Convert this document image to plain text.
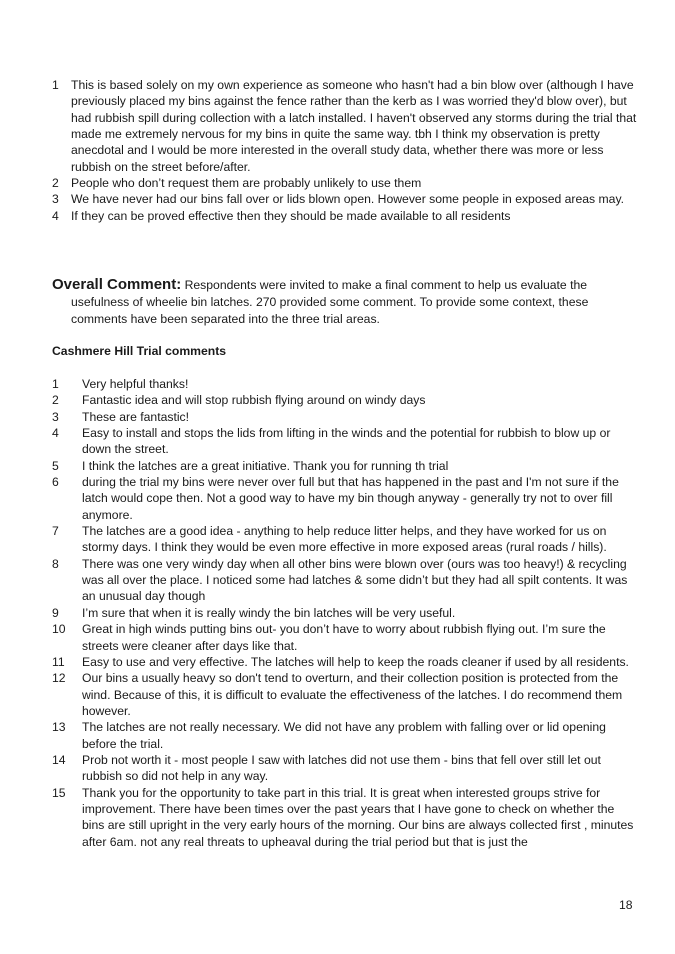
1 This is based solely on my own experience as someone who hasn't had a bin blow over (although I have previously placed my bins against the fence rather than the kerb as I was worried they'd blow over), but had rubbish spill during collection with a latch installed. I haven't observed any storms during the trial that made me extremely nervous for my bins in quite the same way. tbh I think my observation is pretty anecdotal and I would be more interested in the overall study data, whether there was more or less rubbish on the street before/after.
2 People who don’t request them are probably unlikely to use them
3 We have never had our bins fall over or lids blown open. However some people in exposed areas may.
4 If they can be proved effective then they should be made available to all residents
Overall Comment: Respondents were invited to make a final comment to help us evaluate the
usefulness of wheelie bin latches. 270 provided some comment. To provide some context, these comments have been separated into the three trial areas.
Cashmere Hill Trial comments
1 Very helpful thanks!
2 Fantastic idea and will stop rubbish flying around on windy days
3 These are fantastic!
4 Easy to install and stops the lids from lifting in the winds and the potential for rubbish to blow up or down the street.
5 I think the latches are a great initiative. Thank you for running th trial
6 during the trial my bins were never over full but that has happened in the past and I'm not sure if the latch would cope then. Not a good way to have my bin though anyway - generally try not to over fill anymore.
7 The latches are a good idea - anything to help reduce litter helps, and they have worked for us on stormy days. I think they would be even more effective in more exposed areas (rural roads / hills).
8 There was one very windy day when all other bins were blown over (ours was too heavy!) & recycling was all over the place. I noticed some had latches & some didn’t but they had all spilt contents. It was an unusual day though
9 I’m sure that when it is really windy the bin latches will be very useful.
10 Great in high winds putting bins out- you don’t have to worry about rubbish flying out. I’m sure the streets were cleaner after days like that.
11 Easy to use and very effective. The latches will help to keep the roads cleaner if used by all residents.
12 Our bins a usually heavy so don't tend to overturn, and their collection position is protected from the wind. Because of this, it is difficult to evaluate the effectiveness of the latches. I do recommend them however.
13 The latches are not really necessary. We did not have any problem with falling over or lid opening before the trial.
14 Prob not worth it - most people I saw with latches did not use them - bins that fell over still let out rubbish so did not help in any way.
15 Thank you for the opportunity to take part in this trial. It is great when interested groups strive for improvement. There have been times over the past years that I have gone to check on whether the bins are still upright in the very early hours of the morning. Our bins are always collected first , minutes after 6am. not any real threats to upheaval during the trial period but that is just the
18
